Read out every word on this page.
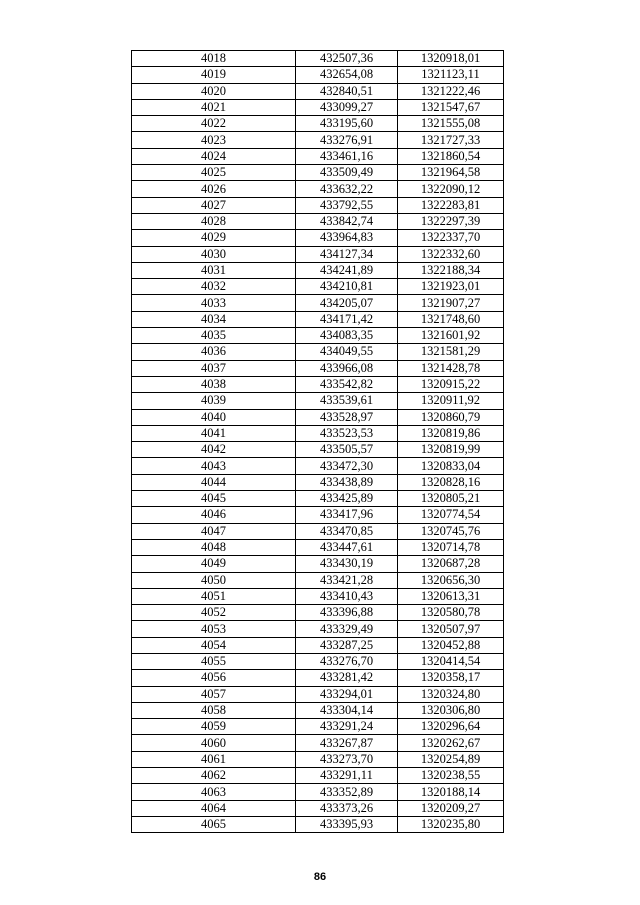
4018	432507,36	1320918,01
4019	432654,08	1321123,11
4020	432840,51	1321222,46
4021	433099,27	1321547,67
4022	433195,60	1321555,08
4023	433276,91	1321727,33
4024	433461,16	1321860,54
4025	433509,49	1321964,58
4026	433632,22	1322090,12
4027	433792,55	1322283,81
4028	433842,74	1322297,39
4029	433964,83	1322337,70
4030	434127,34	1322332,60
4031	434241,89	1322188,34
4032	434210,81	1321923,01
4033	434205,07	1321907,27
4034	434171,42	1321748,60
4035	434083,35	1321601,92
4036	434049,55	1321581,29
4037	433966,08	1321428,78
4038	433542,82	1320915,22
4039	433539,61	1320911,92
4040	433528,97	1320860,79
4041	433523,53	1320819,86
4042	433505,57	1320819,99
4043	433472,30	1320833,04
4044	433438,89	1320828,16
4045	433425,89	1320805,21
4046	433417,96	1320774,54
4047	433470,85	1320745,76
4048	433447,61	1320714,78
4049	433430,19	1320687,28
4050	433421,28	1320656,30
4051	433410,43	1320613,31
4052	433396,88	1320580,78
4053	433329,49	1320507,97
4054	433287,25	1320452,88
4055	433276,70	1320414,54
4056	433281,42	1320358,17
4057	433294,01	1320324,80
4058	433304,14	1320306,80
4059	433291,24	1320296,64
4060	433267,87	1320262,67
4061	433273,70	1320254,89
4062	433291,11	1320238,55
4063	433352,89	1320188,14
4064	433373,26	1320209,27
4065	433395,93	1320235,80
86
